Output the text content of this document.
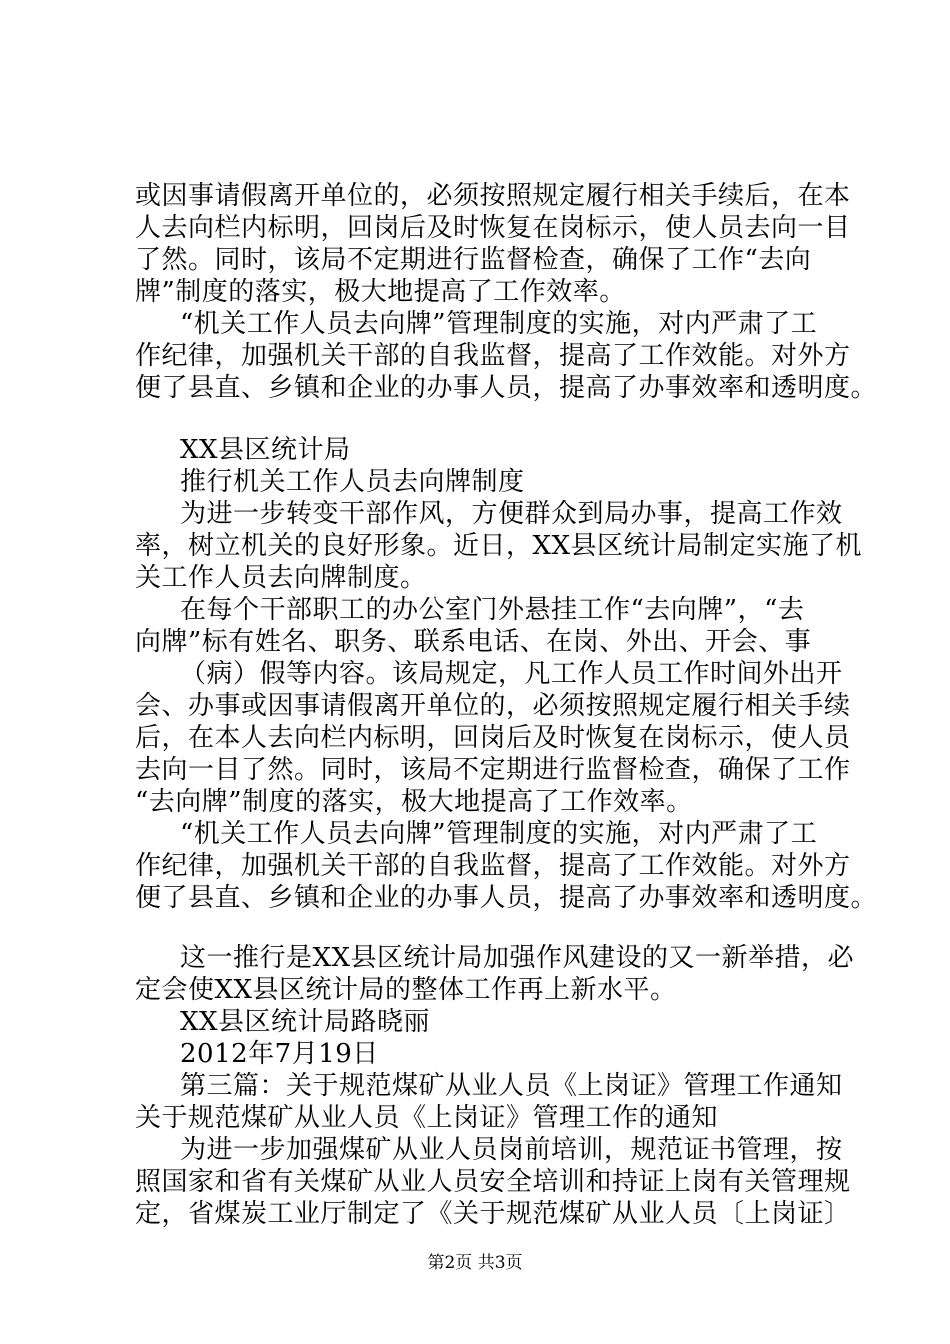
或因事请假离开单位的，必须按照规定履行相关手续后，在本
人去向栏内标明，回岗后及时恢复在岗标示，使人员去向一目
了然。同时，该局不定期进行监督检查，确保了工作“去向
牌”制度的落实，极大地提高了工作效率。
“机关工作人员去向牌”管理制度的实施，对内严肃了工
作纪律，加强机关干部的自我监督，提高了工作效能。对外方
便了县直、乡镇和企业的办事人员，提高了办事效率和透明度。
XX县区统计局
推行机关工作人员去向牌制度
为进一步转变干部作风，方便群众到局办事，提高工作效
率，树立机关的良好形象。近日，XX县区统计局制定实施了机
关工作人员去向牌制度。
在每个干部职工的办公室门外悬挂工作“去向牌”，“去
向牌”标有姓名、职务、联系电话、在岗、外出、开会、事
（病）假等内容。该局规定，凡工作人员工作时间外出开
会、办事或因事请假离开单位的，必须按照规定履行相关手续
后，在本人去向栏内标明，回岗后及时恢复在岗标示，使人员
去向一目了然。同时，该局不定期进行监督检查，确保了工作
“去向牌”制度的落实，极大地提高了工作效率。
“机关工作人员去向牌”管理制度的实施，对内严肃了工
作纪律，加强机关干部的自我监督，提高了工作效能。对外方
便了县直、乡镇和企业的办事人员，提高了办事效率和透明度。
这一推行是XX县区统计局加强作风建设的又一新举措，必
定会使XX县区统计局的整体工作再上新水平。
XX县区统计局路晓丽
2012年7月19日
第三篇：关于规范煤矿从业人员《上岗证》管理工作通知
关于规范煤矿从业人员《上岗证》管理工作的通知
为进一步加强煤矿从业人员岗前培训，规范证书管理，按
照国家和省有关煤矿从业人员安全培训和持证上岗有关管理规
定，省煤炭工业厅制定了《关于规范煤矿从业人员〔上岗证〕
第2页 共3页
